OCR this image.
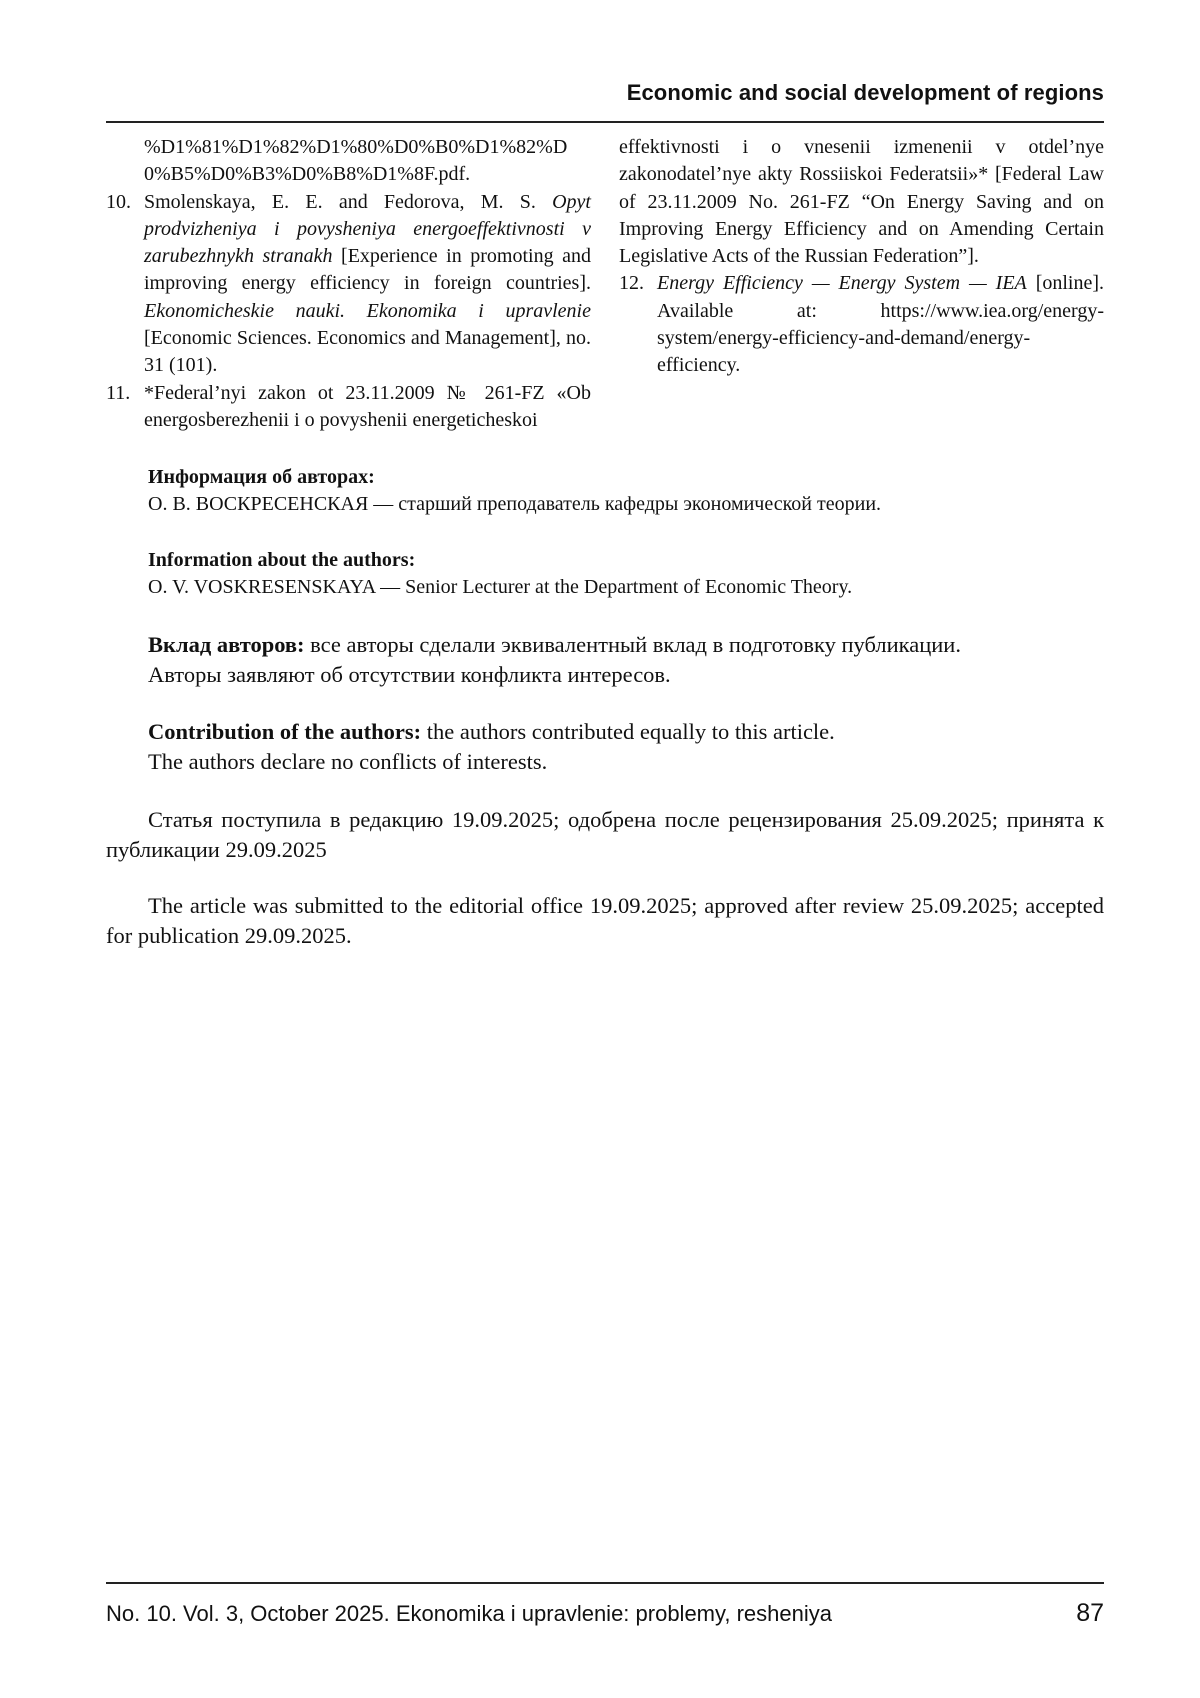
Economic and social development of regions
%D1%81%D1%82%D1%80%D0%B0%D1%82%D0%B5%D0%B3%D0%B8%D1%8F.pdf.
10. Smolenskaya, E. E. and Fedorova, M. S. Opyt prodvizheniya i povysheniya energoeffektivnosti v zarubezhnykh stranakh [Experience in promoting and improving energy efficiency in foreign countries]. Ekonomicheskie nauki. Ekonomika i upravlenie [Economic Sciences. Economics and Management], no. 31 (101).
11. *Federal’nyi zakon ot 23.11.2009 № 261-FZ «Ob energosberezhenii i o povyshenii energeticheskoi
effektivnosti i o vnesenii izmenenii v otdel’nye zakonodatel’nye akty Rossiiskoi Federatsii»* [Federal Law of 23.11.2009 No. 261-FZ “On Energy Saving and on Improving Energy Efficiency and on Amending Certain Legislative Acts of the Russian Federation”].
12. Energy Efficiency — Energy System — IEA [online]. Available at: https://www.iea.org/energy-system/energy-efficiency-and-demand/energy-efficiency.
Информация об авторах:
О. В. ВОСКРЕСЕНСКАЯ — старший преподаватель кафедры экономической теории.
Information about the authors:
O. V. VOSKRESENSKAYA — Senior Lecturer at the Department of Economic Theory.
Вклад авторов: все авторы сделали эквивалентный вклад в подготовку публикации.
Авторы заявляют об отсутствии конфликта интересов.
Contribution of the authors: the authors contributed equally to this article.
The authors declare no conflicts of interests.
Статья поступила в редакцию 19.09.2025; одобрена после рецензирования 25.09.2025; принята к публикации 29.09.2025
The article was submitted to the editorial office 19.09.2025; approved after review 25.09.2025; accepted for publication 29.09.2025.
No. 10. Vol. 3, October 2025. Ekonomika i upravlenie: problemy, resheniya	87
